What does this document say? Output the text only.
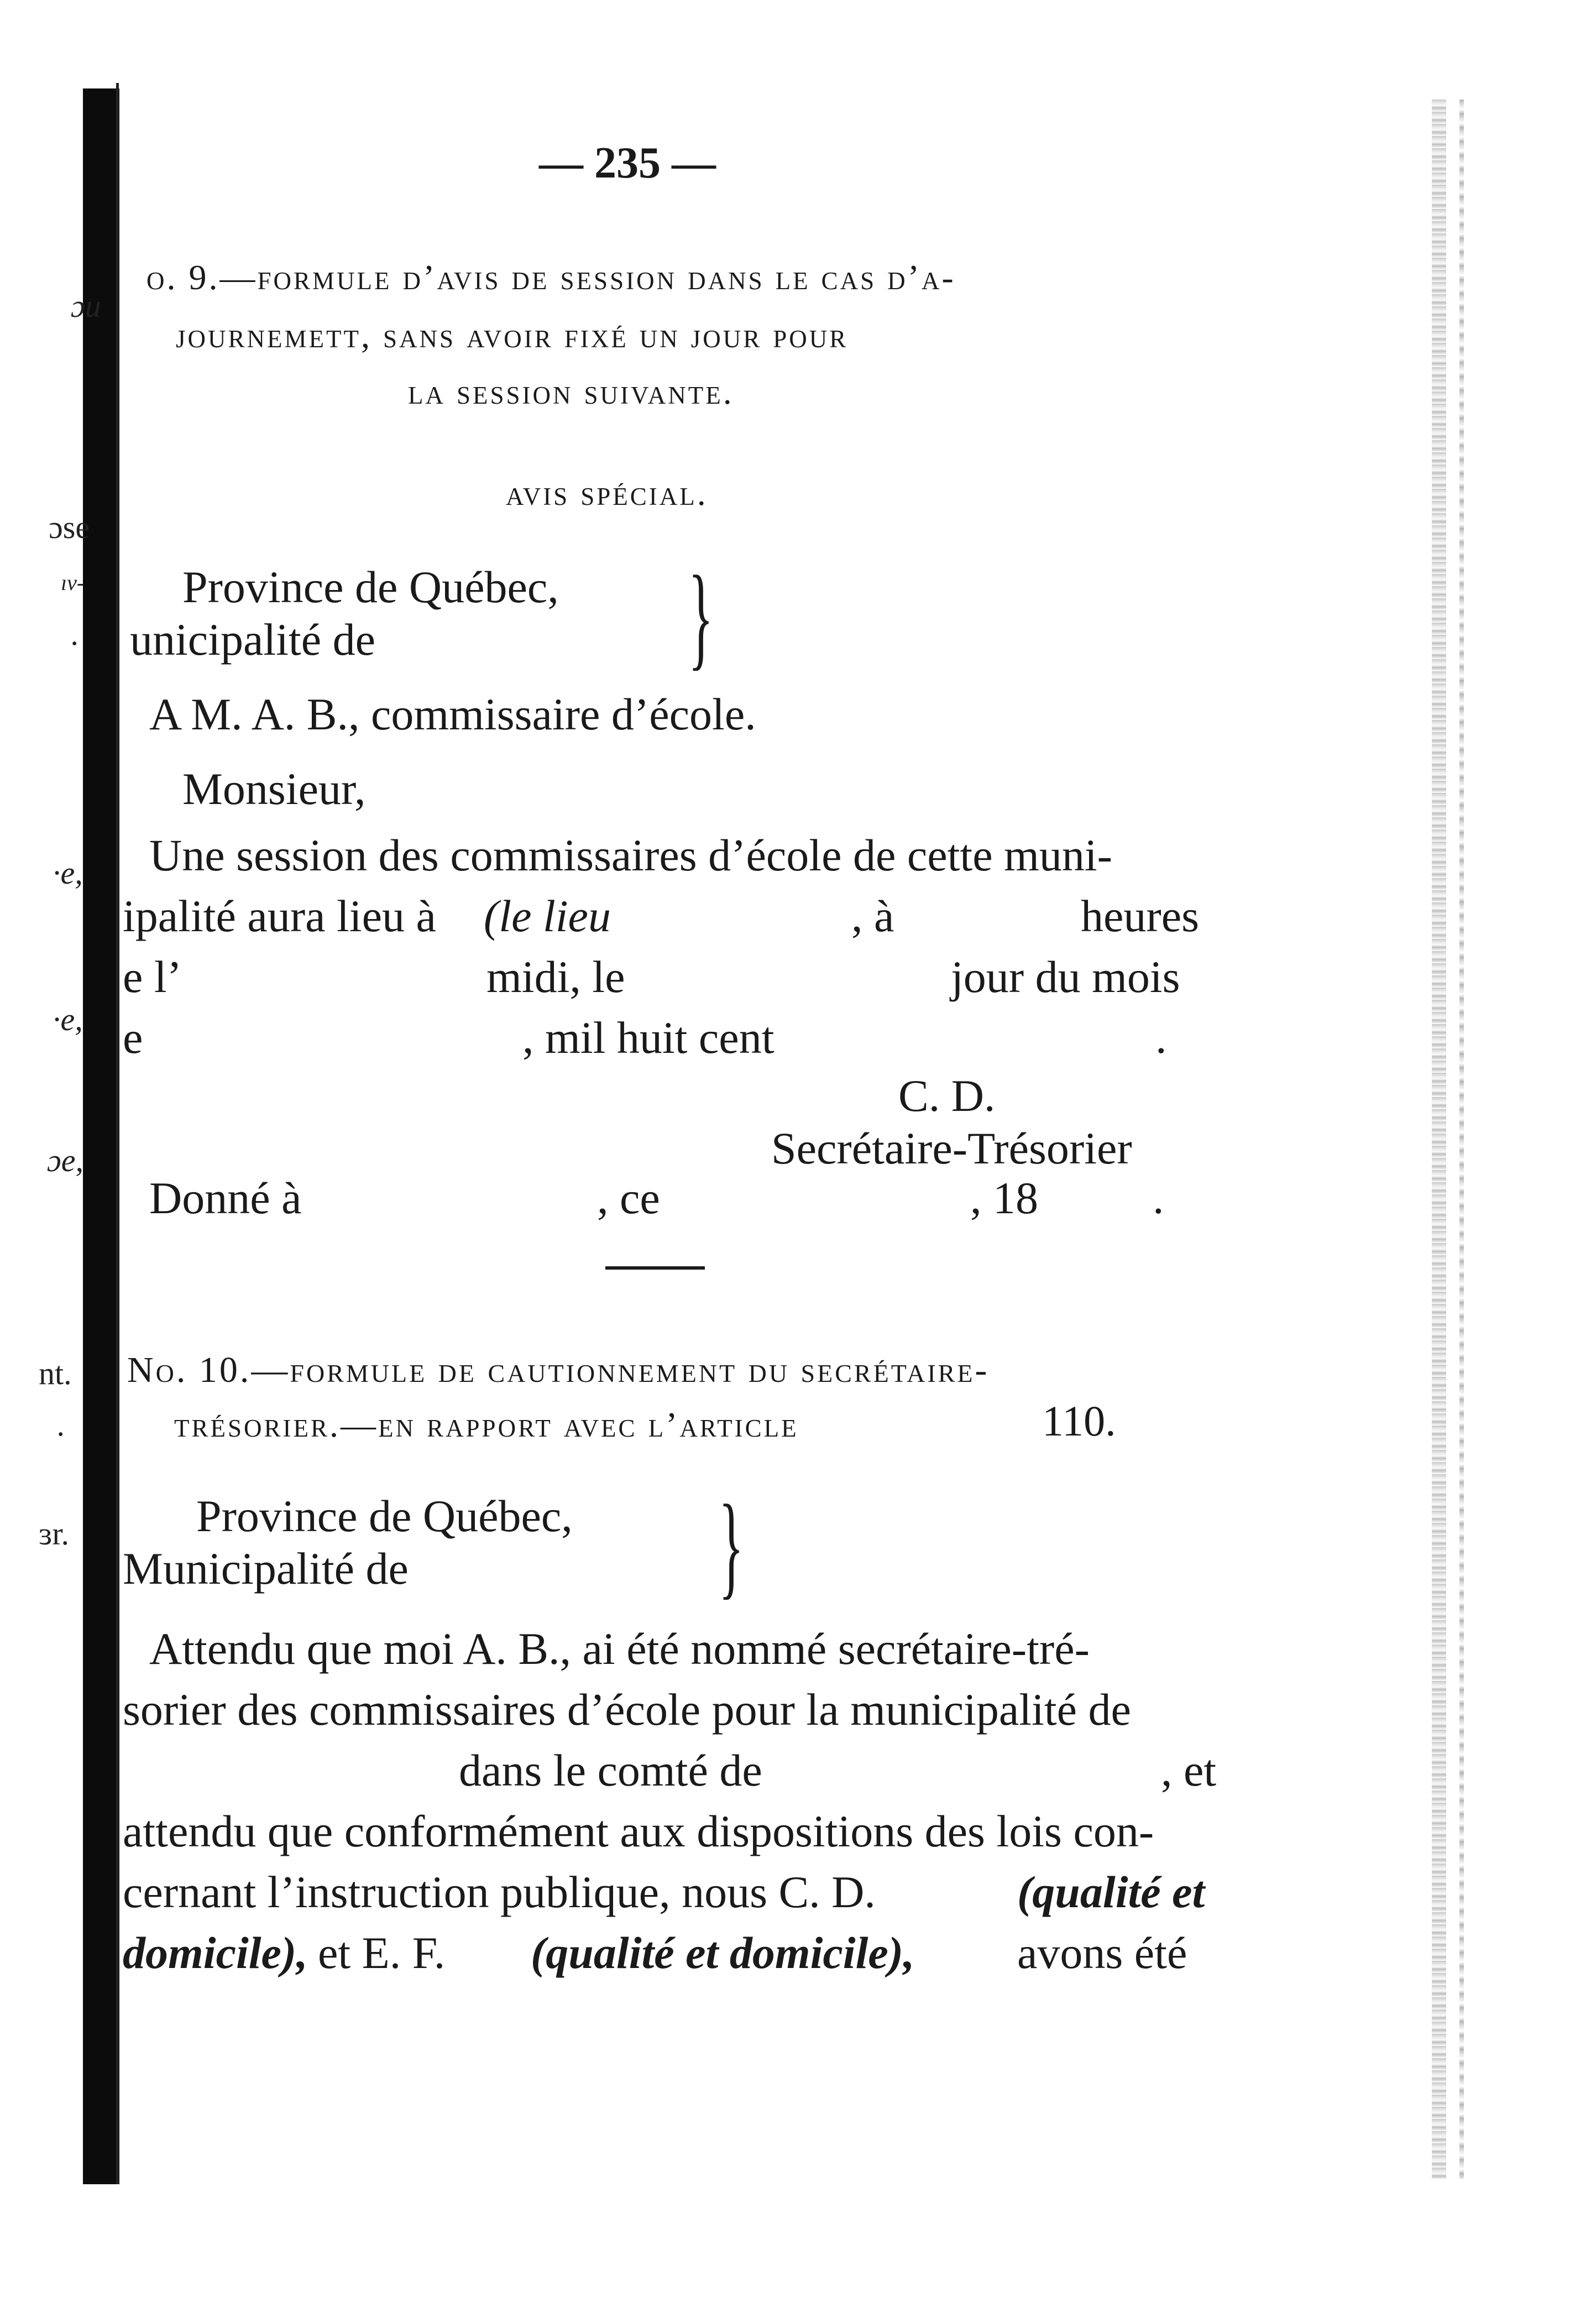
ɔu
ɔse
ıv-
·
·e,
·e,
ɔe,
nt.
·
ɜr.
— 235 —
o. 9.—formule d’avis de session dans le cas d’a-
journemett, sans avoir fixé un jour pour
la session suivante.
avis spécial.
Province de Québec,
unicipalité de	}
A M. A. B., commissaire d’école.
Monsieur,
Une session des commissaires d’école de cette muni-
ipalité aura lieu à (le lieu	, à	heures
e l’	midi, le	jour du mois
e	, mil huit cent	.
C. D.
Secrétaire-Trésorier
Donné à	, ce	, 18	.
No. 10.—formule de cautionnement du secrétaire-
trésorier.—en rapport avec l’article	110.
Province de Québec,
Municipalité de	}
Attendu que moi A. B., ai été nommé secrétaire-tré-
sorier des commissaires d’école pour la municipalité de
dans le comté de	, et
attendu que conformément aux dispositions des lois con-
cernant l’instruction publique, nous C. D.	(qualité et
domicile), et E. F. (qualité et domicile), avons été
